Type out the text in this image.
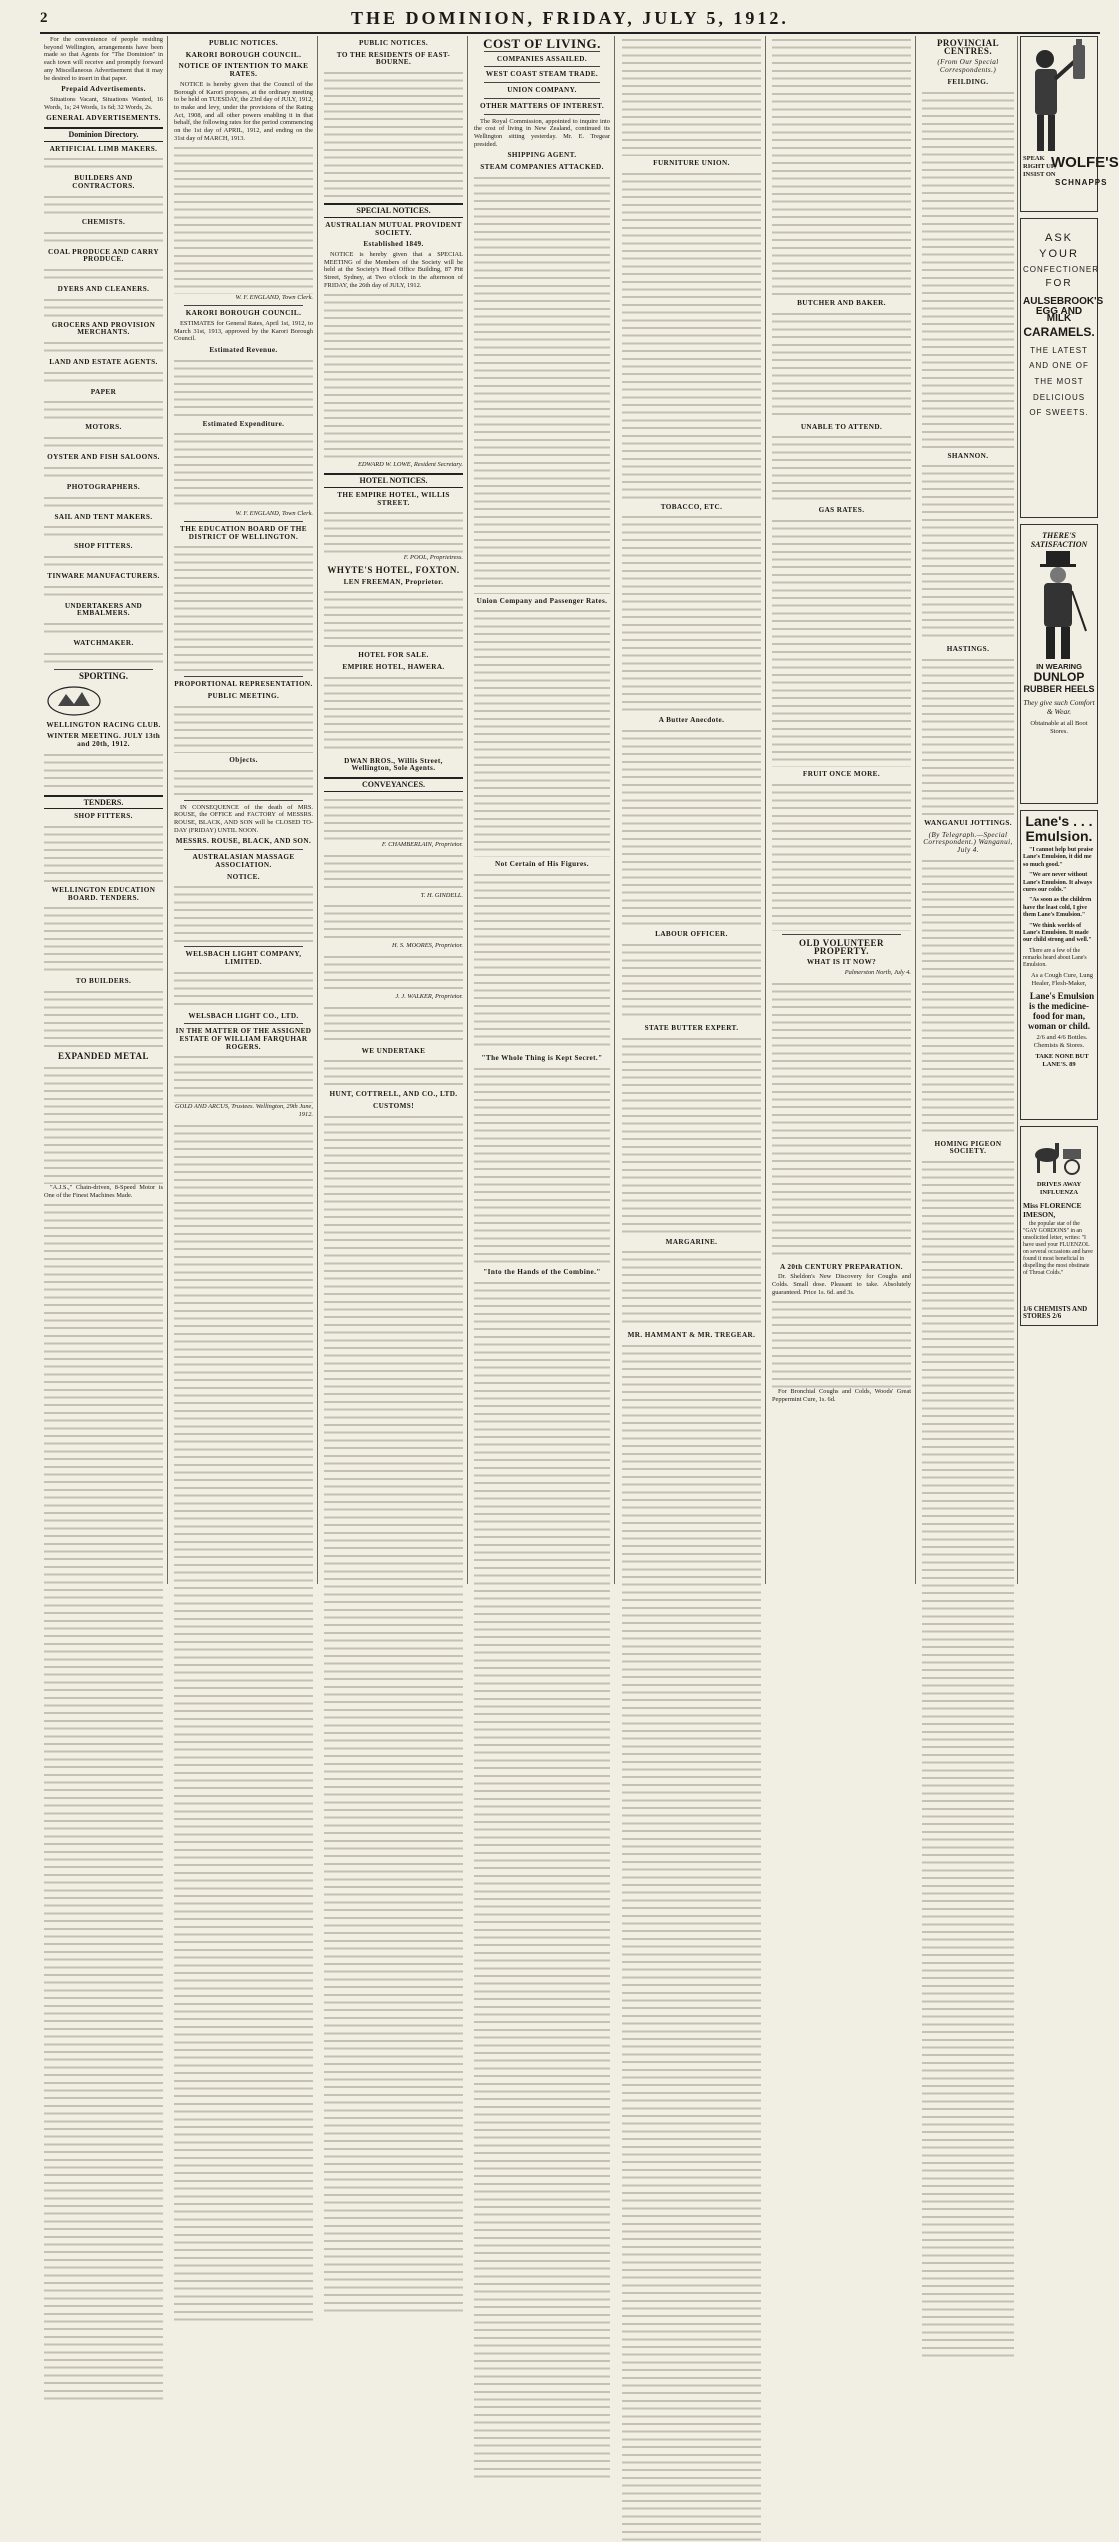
2	THE DOMINION, FRIDAY, JULY 5, 1912.

For the convenience of people residing beyond Wellington, arrangements have been made so that Agents for "The Dominion" in each town will receive and promptly forward any Miscellaneous Advertisement that it may be desired to insert in that paper.

Prepaid Advertisements.

Situations Vacant, Situations Wanted, 16 Words, 1s; 24 Words, 1s 6d; 32 Words, 2s.

GENERAL ADVERTISEMENTS.
Dominion Directory.
ARTIFICIAL LIMB MAKERS.
BUILDERS AND CONTRACTORS.
CHEMISTS.
COAL PRODUCE AND CARRY PRODUCE.
DYERS AND CLEANERS.
GROCERS AND PROVISION MERCHANTS.
LAND AND ESTATE AGENTS.
PAPER
MOTORS.
OYSTER AND FISH SALOONS.
PHOTOGRAPHERS.
SAIL AND TENT MAKERS.
SHOP FITTERS.
TINWARE MANUFACTURERS.
UNDERTAKERS AND EMBALMERS.
WATCHMAKER.
SPORTING.
WELLINGTON RACING CLUB.
WINTER MEETING. JULY 13th and 20th, 1912.
TENDERS.
SHOP FITTERS.
WELLINGTON EDUCATION BOARD. TENDERS.
TO BUILDERS.
EXPANDED METAL

"A.J.S.," Chain-driven, 8-Speed Motor is One of the Finest Machines Made.

PUBLIC NOTICES.
KARORI BOROUGH COUNCIL.
NOTICE OF INTENTION TO MAKE RATES.

NOTICE is hereby given that the Council of the Borough of Karori proposes, at the ordinary meeting to be held on TUESDAY, the 23rd day of JULY, 1912, to make and levy, under the provisions of the Rating Act, 1908, and all other powers enabling it in that behalf, the following rates for the period commencing on the 1st day of APRIL, 1912, and ending on the 31st day of MARCH, 1913.

W. F. ENGLAND, Town Clerk.
KARORI BOROUGH COUNCIL.

ESTIMATES for General Rates, April 1st, 1912, to March 31st, 1913, approved by the Karori Borough Council.

Estimated Revenue.
Estimated Expenditure.
W. F. ENGLAND, Town Clerk.
THE EDUCATION BOARD OF THE DISTRICT OF WELLINGTON.
PROPORTIONAL REPRESENTATION.
PUBLIC MEETING.
Objects.

IN CONSEQUENCE of the death of MRS. ROUSE, the OFFICE and FACTORY of MESSRS. ROUSE, BLACK, AND SON will be CLOSED TO-DAY (FRIDAY) UNTIL NOON.

MESSRS. ROUSE, BLACK, AND SON.
AUSTRALASIAN MASSAGE ASSOCIATION.
NOTICE.
WELSBACH LIGHT COMPANY, LIMITED.
WELSBACH LIGHT CO., LTD.
IN THE MATTER OF THE ASSIGNED ESTATE OF WILLIAM FARQUHAR ROGERS.
GOLD AND ARCUS, Trustees. Wellington, 29th June, 1912.
PUBLIC NOTICES.
TO THE RESIDENTS OF EAST-BOURNE.
SPECIAL NOTICES.
AUSTRALIAN MUTUAL PROVIDENT SOCIETY.
Established 1849.

NOTICE is hereby given that a SPECIAL MEETING of the Members of the Society will be held at the Society's Head Office Building, 87 Pitt Street, Sydney, at Two o'clock in the afternoon of FRIDAY, the 26th day of JULY, 1912.

EDWARD W. LOWE, Resident Secretary.
HOTEL NOTICES.
THE EMPIRE HOTEL, WILLIS STREET.
F. POOL, Proprietress.
WHYTE'S HOTEL, FOXTON.
LEN FREEMAN, Proprietor.
HOTEL FOR SALE.
EMPIRE HOTEL, HAWERA.
DWAN BROS., Willis Street, Wellington, Sole Agents.
CONVEYANCES.
F. CHAMBERLAIN, Proprietor.
T. H. GINDELL.
H. S. MOORES, Proprietor.
J. J. WALKER, Proprietor.
WE UNDERTAKE
HUNT, COTTRELL, AND CO., LTD.
CUSTOMS!
COST OF LIVING.
COMPANIES ASSAILED.
WEST COAST STEAM TRADE.
UNION COMPANY.
OTHER MATTERS OF INTEREST.

The Royal Commission, appointed to inquire into the cost of living in New Zealand, continued its Wellington sitting yesterday. Mr. E. Tregear presided.

SHIPPING AGENT.
STEAM COMPANIES ATTACKED.
Union Company and Passenger Rates.
Not Certain of His Figures.
"The Whole Thing is Kept Secret."
"Into the Hands of the Combine."
FURNITURE UNION.
TOBACCO, ETC.
A Butter Anecdote.
LABOUR OFFICER.
STATE BUTTER EXPERT.
MARGARINE.
MR. HAMMANT & MR. TREGEAR.
BUTCHER AND BAKER.
UNABLE TO ATTEND.
GAS RATES.
FRUIT ONCE MORE.
OLD VOLUNTEER PROPERTY.
WHAT IS IT NOW?
Palmerston North, July 4.
A 20th CENTURY PREPARATION.

Dr. Sheldon's New Discovery for Coughs and Colds. Small dose. Pleasant to take. Absolutely guaranteed. Price 1s. 6d. and 3s.

For Bronchial Coughs and Colds, Woods' Great Peppermint Cure, 1s. 6d.

PROVINCIAL CENTRES.
(From Our Special Correspondents.)
FEILDING.
SHANNON.
HASTINGS.
WANGANUI JOTTINGS.
(By Telegraph.—Special Correspondent.) Wanganui, July 4.
HOMING PIGEON SOCIETY.
SPEAK RIGHT UP, INSIST ON
WOLFE'S
SCHNAPPS
ASK
YOUR
CONFECTIONER
FOR
AULSEBROOK'S
EGG AND MILK
CARAMELS.
THE LATEST
AND ONE OF
THE MOST
DELICIOUS
OF SWEETS.
THERE'S SATISFACTION
IN WEARING
DUNLOP
RUBBER HEELS
They give such Comfort & Wear.
Obtainable at all Boot Stores.
Lane's . . . Emulsion.

"I cannot help but praise Lane's Emulsion, it did me so much good."

"We are never without Lane's Emulsion. It always cures our colds."

"As soon as the children have the least cold, I give them Lane's Emulsion."

"We think worlds of Lane's Emulsion. It made our child strong and well."

There are a few of the remarks heard about Lane's Emulsion.

As a Cough Cure, Lung Healer, Flesh-Maker,

Lane's Emulsion is the medicine-food for man, woman or child.

2/6 and 4/6 Bottles. Chemists & Stores.

TAKE NONE BUT LANE'S. 89

DRIVES AWAY INFLUENZA
Miss FLORENCE IMESON,

the popular star of the "GAY GORDONS" in an unsolicited letter, writes: "I have used your FLUENZOL on several occasions and have found it most beneficial in dispelling the most obstinate of Throat Colds."

1/6 CHEMISTS AND STORES 2/6
